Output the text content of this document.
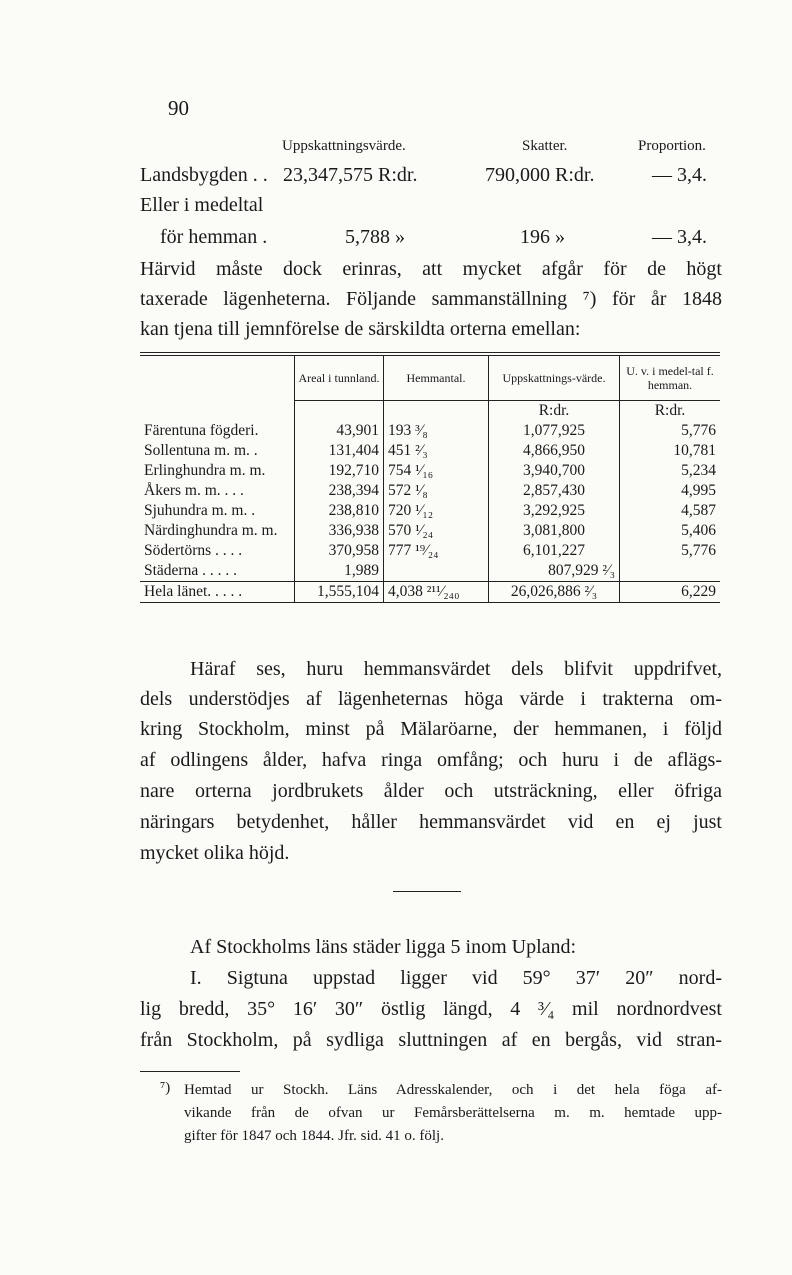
90
Uppskattningsvärde.	Skatter.	Proportion.
Landsbygden . . 23,347,575 R:dr.	790,000 R:dr.	— 3,4.
Eller i medeltal
för hemman .	5,788 »	196 »	— 3,4.
Härvid måste dock erinras, att mycket afgår för de högt
taxerade lägenheterna. Följande sammanställning ⁷) för år 1848
kan tjena till jemnförelse de särskildta orterna emellan:
	Areal i tunnland.	Hemmantal.	Uppskattnings-värde.	U. v. i medel-tal f. hemman.
			R:dr.	R:dr.
Färentuna fögderi.	43,901	193 ³⁄₈	1,077,925	5,776
Sollentuna m. m. .	131,404	451 ²⁄₃	4,866,950	10,781
Erlinghundra m. m.	192,710	754 ¹⁄₁₆	3,940,700	5,234
Åkers m. m. . . .	238,394	572 ¹⁄₈	2,857,430	4,995
Sjuhundra m. m. .	238,810	720 ¹⁄₁₂	3,292,925	4,587
Närdinghundra m. m.	336,938	570 ¹⁄₂₄	3,081,800	5,406
Södertörns . . . .	370,958	777 ¹⁹⁄₂₄	6,101,227	5,776
Städerna . . . . .	1,989		807,929 ²⁄₃	
Hela länet. . . . .	1,555,104	4,038 ²¹¹⁄₂₄₀	26,026,886 ²⁄₃	6,229
Häraf ses, huru hemmansvärdet dels blifvit uppdrifvet,
dels understödjes af lägenheternas höga värde i trakterna om-
kring Stockholm, minst på Mälaröarne, der hemmanen, i följd
af odlingens ålder, hafva ringa omfång; och huru i de aflägs-
nare orterna jordbrukets ålder och utsträckning, eller öfriga
näringars betydenhet, håller hemmansvärdet vid en ej just
mycket olika höjd.
Af Stockholms läns städer ligga 5 inom Upland:
I. Sigtuna uppstad ligger vid 59° 37′ 20″ nord-
lig bredd, 35° 16′ 30″ östlig längd, 4 ³⁄₄ mil nordnordvest
från Stockholm, på sydliga sluttningen af en bergås, vid stran-
⁷) Hemtad ur Stockh. Läns Adresskalender, och i det hela föga af-
vikande från de ofvan ur Femårsberättelserna m. m. hemtade upp-
gifter för 1847 och 1844. Jfr. sid. 41 o. följ.
